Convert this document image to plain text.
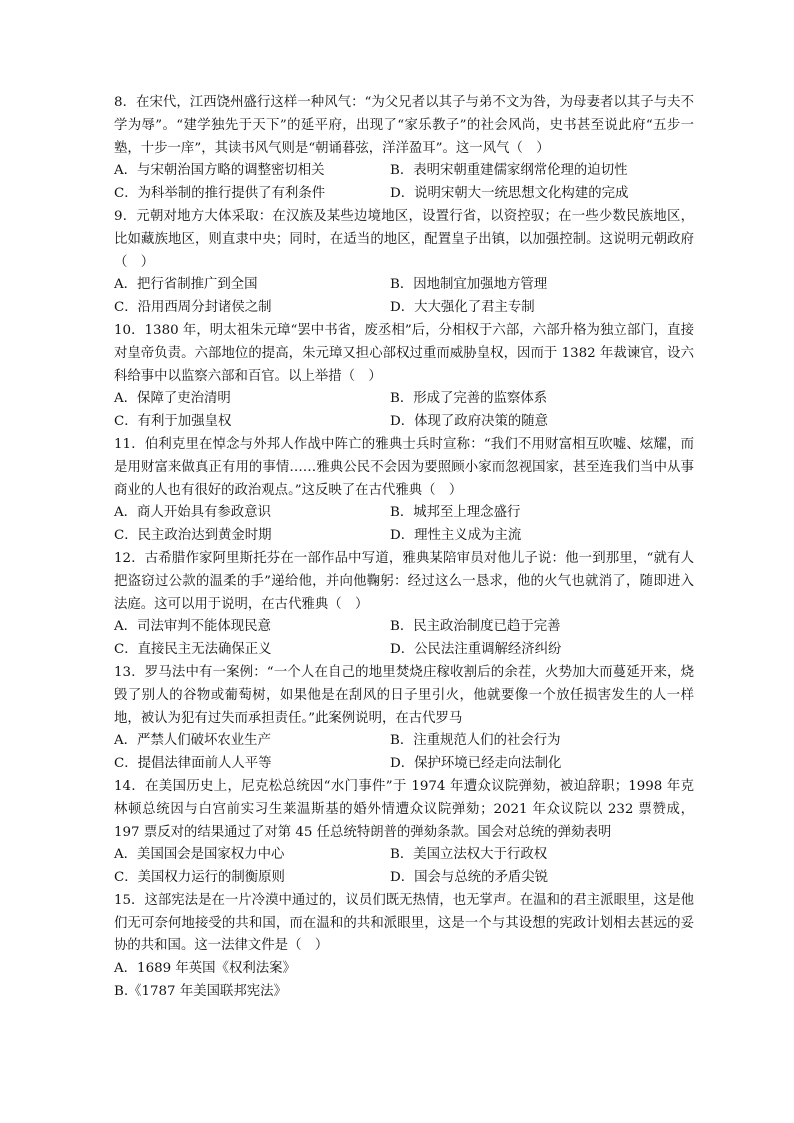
8．在宋代，江西饶州盛行这样一种风气：“为父兄者以其子与弟不文为咎，为母妻者以其子与夫不学为辱”。“建学独先于天下”的延平府，出现了“家乐教子”的社会风尚，史书甚至说此府“五步一塾，十步一庠”，其读书风气则是“朝诵暮弦，洋洋盈耳”。这一风气（　）

A．与宋朝治国方略的调整密切相关	B．表明宋朝重建儒家纲常伦理的迫切性
C．为科举制的推行提供了有利条件	D．说明宋朝大一统思想文化构建的完成

9．元朝对地方大体采取：在汉族及某些边境地区，设置行省，以资控驭；在一些少数民族地区，比如藏族地区，则直隶中央；同时，在适当的地区，配置皇子出镇，以加强控制。这说明元朝政府（　）

A．把行省制推广到全国	B．因地制宜加强地方管理
C．沿用西周分封诸侯之制	D．大大强化了君主专制

10．1380 年，明太祖朱元璋“罢中书省，废丞相”后，分相权于六部，六部升格为独立部门，直接对皇帝负责。六部地位的提高，朱元璋又担心部权过重而威胁皇权，因而于 1382 年裁谏官，设六科给事中以监察六部和百官。以上举措（　）

A．保障了吏治清明	B．形成了完善的监察体系
C．有利于加强皇权	D．体现了政府决策的随意

11．伯利克里在悼念与外邦人作战中阵亡的雅典士兵时宣称：“我们不用财富相互吹嘘、炫耀，而是用财富来做真正有用的事情……雅典公民不会因为要照顾小家而忽视国家，甚至连我们当中从事商业的人也有很好的政治观点。”这反映了在古代雅典（　）

A．商人开始具有参政意识	B．城邦至上理念盛行
C．民主政治达到黄金时期	D．理性主义成为主流

12．古希腊作家阿里斯托芬在一部作品中写道，雅典某陪审员对他儿子说：他一到那里，“就有人把盗窃过公款的温柔的手”递给他，并向他鞠躬：经过这么一恳求，他的火气也就消了，随即进入法庭。这可以用于说明，在古代雅典（　）

A．司法审判不能体现民意	B．民主政治制度已趋于完善
C．直接民主无法确保正义	D．公民法注重调解经济纠纷

13．罗马法中有一案例：“一个人在自己的地里焚烧庄稼收割后的余茬，火势加大而蔓延开来，烧毁了别人的谷物或葡萄树，如果他是在刮风的日子里引火，他就要像一个放任损害发生的人一样地，被认为犯有过失而承担责任。”此案例说明，在古代罗马

A．严禁人们破坏农业生产	B．注重规范人们的社会行为
C．提倡法律面前人人平等	D．保护环境已经走向法制化

14．在美国历史上，尼克松总统因“水门事件”于 1974 年遭众议院弹劾，被迫辞职；1998 年克林顿总统因与白宫前实习生莱温斯基的婚外情遭众议院弹劾；2021 年众议院以 232 票赞成，197 票反对的结果通过了对第 45 任总统特朗普的弹劾条款。国会对总统的弹劾表明

A．美国国会是国家权力中心	B．美国立法权大于行政权
C．美国权力运行的制衡原则	D．国会与总统的矛盾尖锐

15．这部宪法是在一片冷漠中通过的，议员们既无热情，也无掌声。在温和的君主派眼里，这是他们无可奈何地接受的共和国，而在温和的共和派眼里，这是一个与其设想的宪政计划相去甚远的妥协的共和国。这一法律文件是（　）

A．1689 年英国《权利法案》

B.《1787 年美国联邦宪法》
